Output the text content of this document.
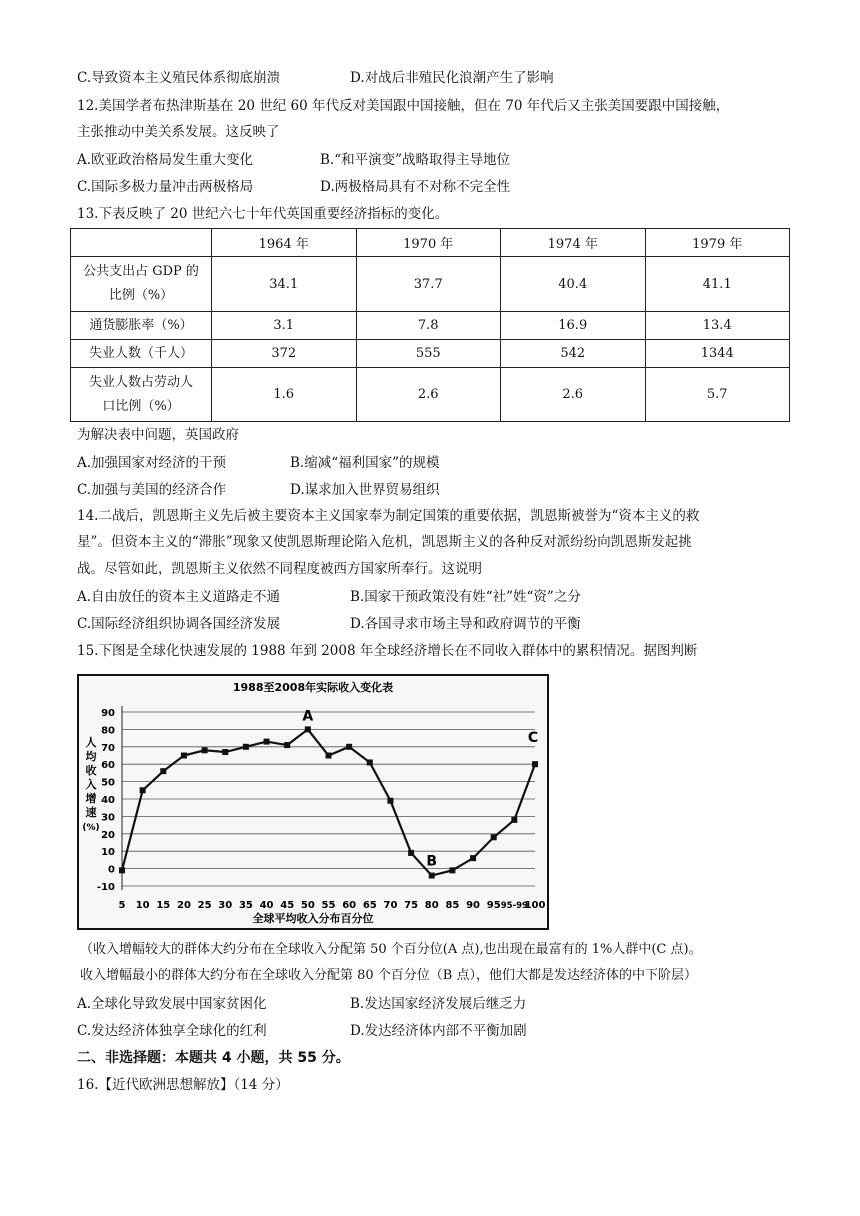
C.导致资本主义殖民体系彻底崩溃	D.对战后非殖民化浪潮产生了影响
12.美国学者布热津斯基在 20 世纪 60 年代反对美国跟中国接触，但在 70 年代后又主张美国要跟中国接触，
主张推动中美关系发展。这反映了
A.欧亚政治格局发生重大变化	B.“和平演变”战略取得主导地位
C.国际多极力量冲击两极格局	D.两极格局具有不对称不完全性
13.下表反映了 20 世纪六七十年代英国重要经济指标的变化。
	1964 年	1970 年	1974 年	1979 年
公共支出占 GDP 的
比例（%）	34.1	37.7	40.4	41.1
通货膨胀率（%）	3.1	7.8	16.9	13.4
失业人数（千人）	372	555	542	1344
失业人数占劳动人
口比例（%）	1.6	2.6	2.6	5.7
为解决表中问题，英国政府
A.加强国家对经济的干预	B.缩减“福利国家”的规模
C.加强与美国的经济合作	D.谋求加入世界贸易组织
14.二战后，凯恩斯主义先后被主要资本主义国家奉为制定国策的重要依据，凯恩斯被誉为“资本主义的救
星”。但资本主义的“滞胀”现象又使凯恩斯理论陷入危机，凯恩斯主义的各种反对派纷纷向凯恩斯发起挑
战。尽管如此，凯恩斯主义依然不同程度被西方国家所奉行。这说明
A.自由放任的资本主义道路走不通	B.国家干预政策没有姓“社”姓“资”之分
C.国际经济组织协调各国经济发展	D.各国寻求市场主导和政府调节的平衡
15.下图是全球化快速发展的 1988 年到 2008 年全球经济增长在不同收入群体中的累积情况。据图判断
1988至2008年实际收入变化表
全球平均收入分布百分位
90
80
70
60
50
40
30
20
10
0
-10
5 10 15 20 25 30 35 40 45 50 55 60 65 70 75 80 85 90 95 95-99
100
人
均
收
入
增
速
(%)
A
B
C
（收入增幅较大的群体大约分布在全球收入分配第 50 个百分位(A 点),也出现在最富有的 1%人群中(C 点)。
收入增幅最小的群体大约分布在全球收入分配第 80 个百分位（B 点），他们大都是发达经济体的中下阶层）
A.全球化导致发展中国家贫困化	B.发达国家经济发展后继乏力
C.发达经济体独享全球化的红利	D.发达经济体内部不平衡加剧
二、非选择题：本题共 4 小题，共 55 分。
16.【近代欧洲思想解放】（14 分）
